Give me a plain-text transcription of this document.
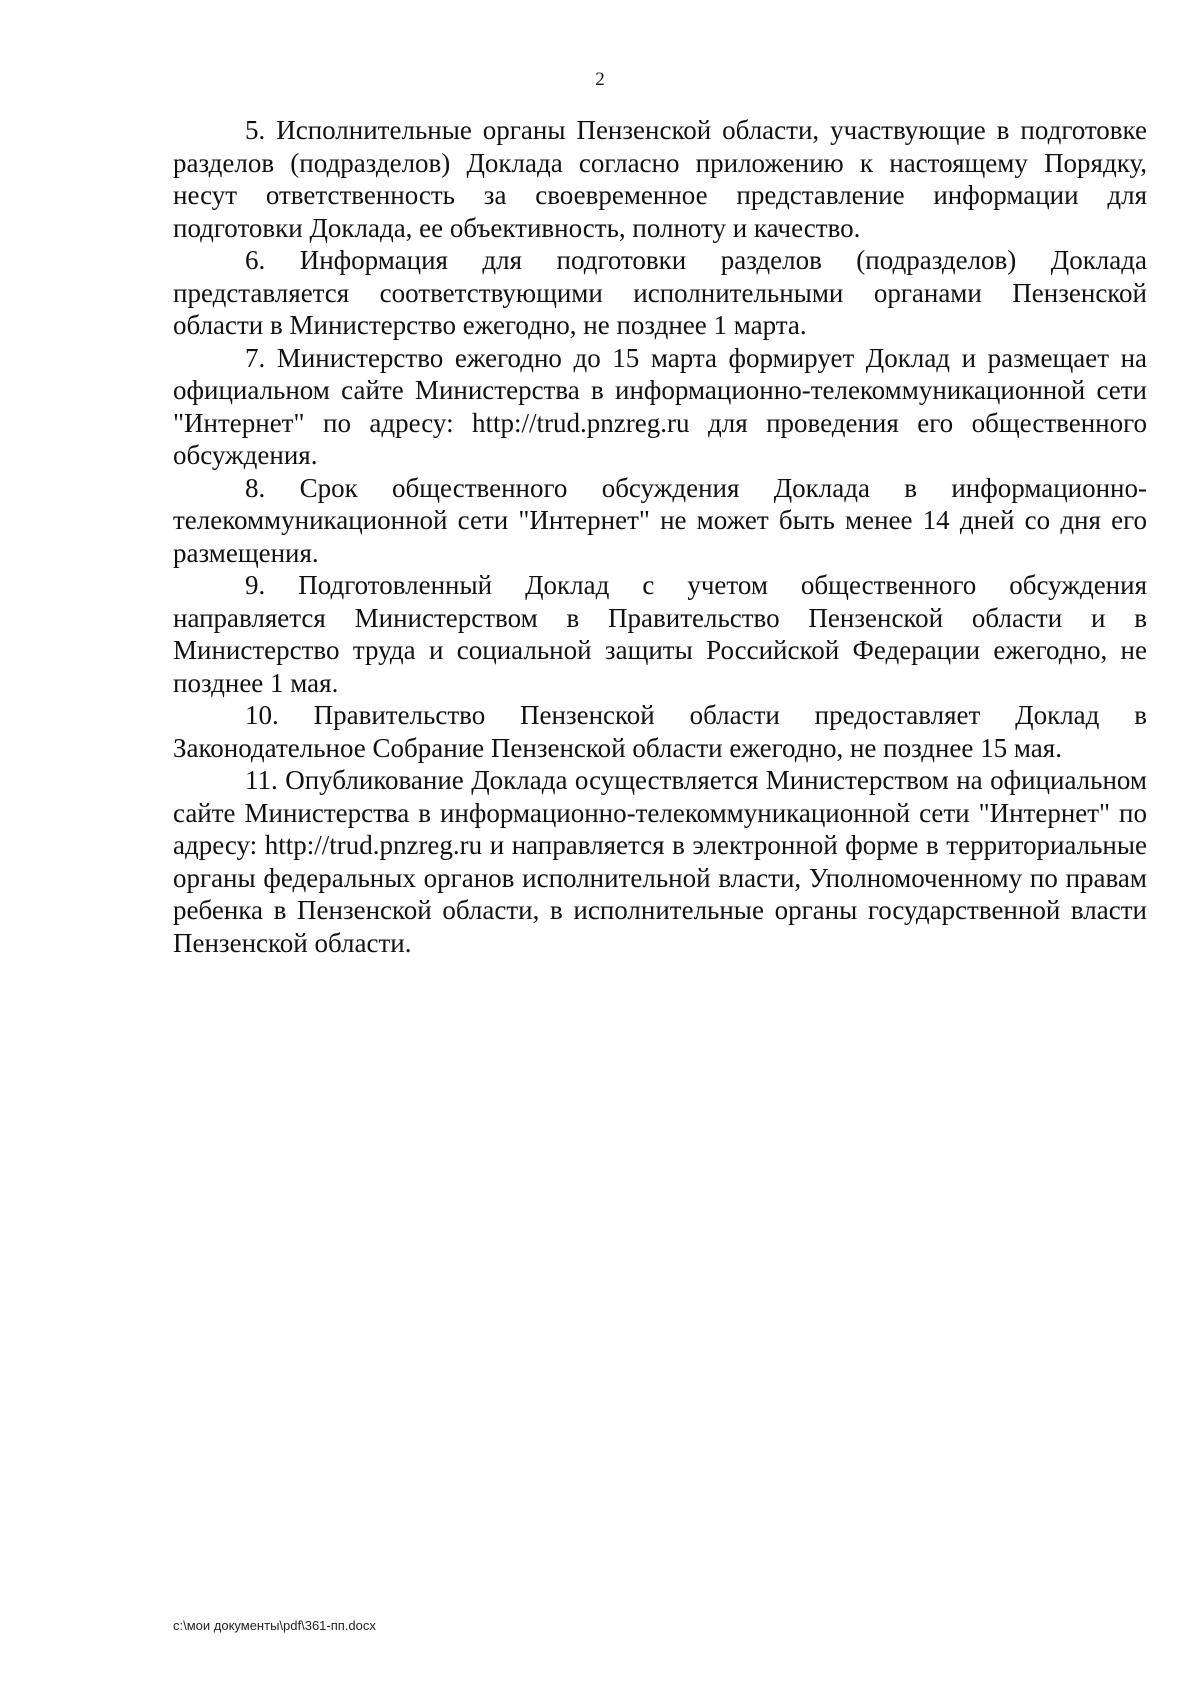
2

5. Исполнительные органы Пензенской области, участвующие в подготовке разделов (подразделов) Доклада согласно приложению к настоящему Порядку, несут ответственность за своевременное представление информации для подготовки Доклада, ее объективность, полноту и качество.

6. Информация для подготовки разделов (подразделов) Доклада представляется соответствующими исполнительными органами Пензенской области в Министерство ежегодно, не позднее 1 марта.

7. Министерство ежегодно до 15 марта формирует Доклад и размещает на официальном сайте Министерства в информационно-телекоммуникационной сети "Интернет" по адресу: http://trud.pnzreg.ru для проведения его общественного обсуждения.

8. Срок общественного обсуждения Доклада в информационно-телекоммуникационной сети "Интернет" не может быть менее 14 дней со дня его размещения.

9. Подготовленный Доклад с учетом общественного обсуждения направляется Министерством в Правительство Пензенской области и в Министерство труда и социальной защиты Российской Федерации ежегодно, не позднее 1 мая.

10. Правительство Пензенской области предоставляет Доклад в Законодательное Собрание Пензенской области ежегодно, не позднее 15 мая.

11. Опубликование Доклада осуществляется Министерством на официальном сайте Министерства в информационно-телекоммуникационной сети "Интернет" по адресу: http://trud.pnzreg.ru и направляется в электронной форме в территориальные органы федеральных органов исполнительной власти, Уполномоченному по правам ребенка в Пензенской области, в исполнительные органы государственной власти Пензенской области.

c:\мои документы\pdf\361-пп.docx
